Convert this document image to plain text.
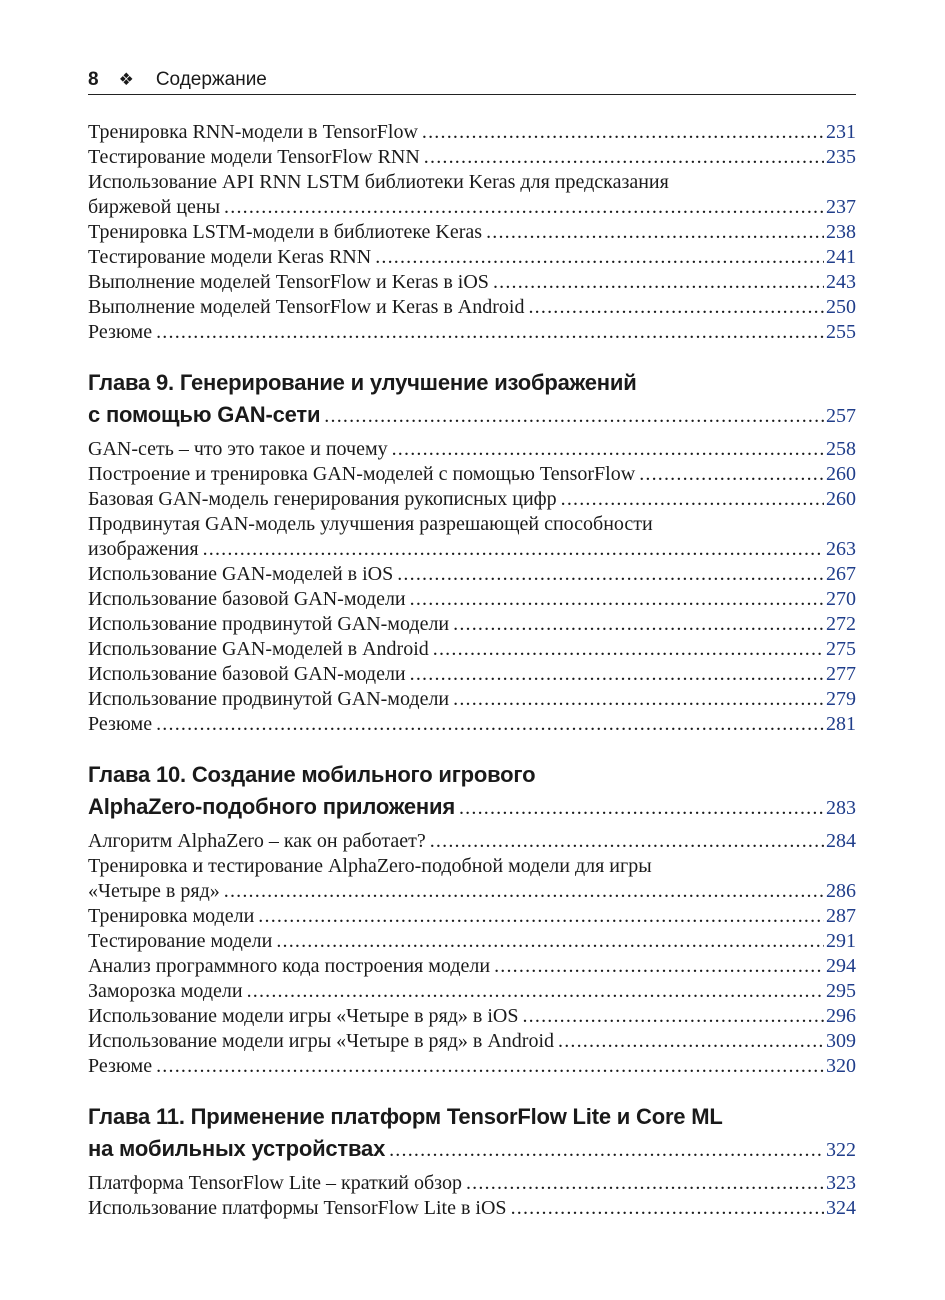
8 ❖ Содержание
Тренировка RNN-модели в TensorFlow .....	231
Тестирование модели TensorFlow RNN .....	235
Использование API RNN LSTM библиотеки Keras для предсказания
биржевой цены .....	237
Тренировка LSTM-модели в библиотеке Keras .....	238
Тестирование модели Keras RNN .....	241
Выполнение моделей TensorFlow и Keras в iOS .....	243
Выполнение моделей TensorFlow и Keras в Android .....	250
Резюме .....	255
Глава 9. Генерирование и улучшение изображений
с помощью GAN-сети .....	257
GAN-сеть – что это такое и почему .....	258
Построение и тренировка GAN-моделей с помощью TensorFlow .....	260
Базовая GAN-модель генерирования рукописных цифр .....	260
Продвинутая GAN-модель улучшения разрешающей способности
изображения .....	263
Использование GAN-моделей в iOS .....	267
Использование базовой GAN-модели .....	270
Использование продвинутой GAN-модели .....	272
Использование GAN-моделей в Android .....	275
Использование базовой GAN-модели .....	277
Использование продвинутой GAN-модели .....	279
Резюме .....	281
Глава 10. Создание мобильного игрового
AlphaZero-подобного приложения .....	283
Алгоритм AlphaZero – как он работает? .....	284
Тренировка и тестирование AlphaZero-подобной модели для игры
«Четыре в ряд» .....	286
Тренировка модели .....	287
Тестирование модели .....	291
Анализ программного кода построения модели .....	294
Заморозка модели .....	295
Использование модели игры «Четыре в ряд» в iOS .....	296
Использование модели игры «Четыре в ряд» в Android .....	309
Резюме .....	320
Глава 11. Применение платформ TensorFlow Lite и Core ML
на мобильных устройствах .....	322
Платформа TensorFlow Lite – краткий обзор .....	323
Использование платформы TensorFlow Lite в iOS .....	324
